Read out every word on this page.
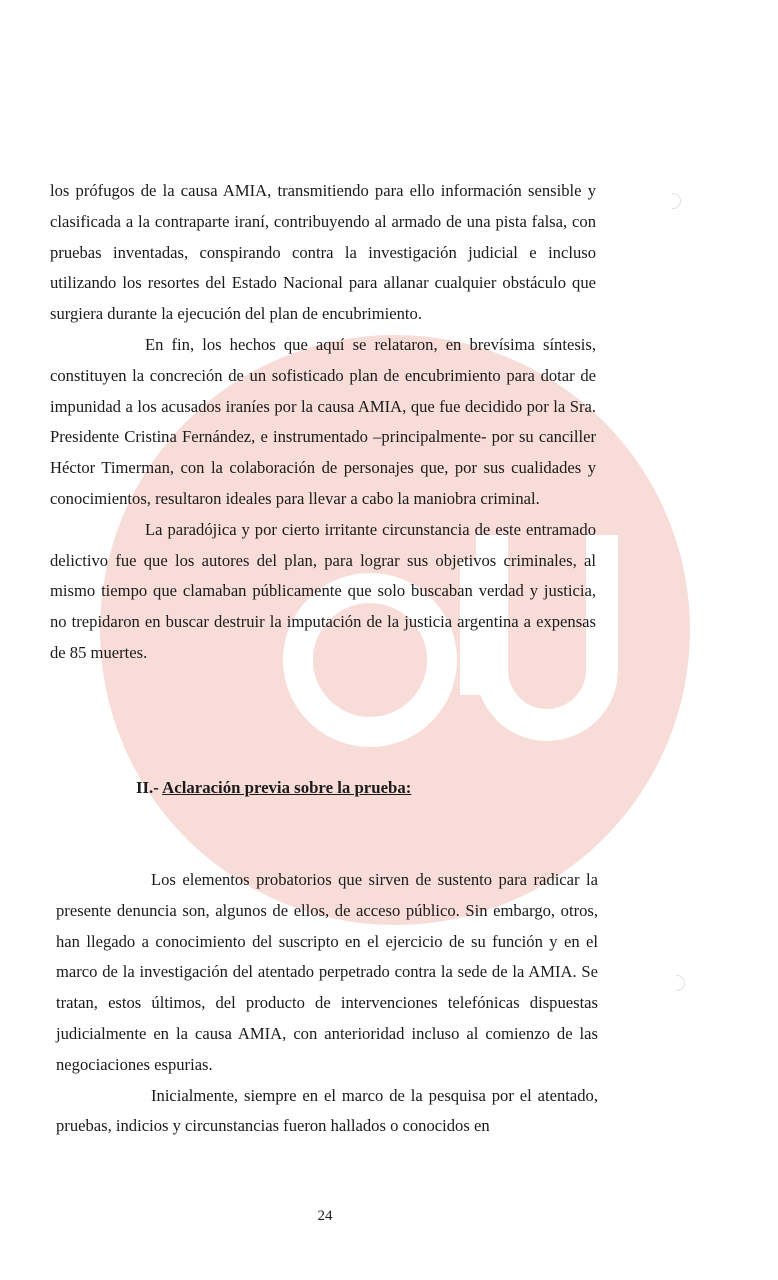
los prófugos de la causa AMIA, transmitiendo para ello información sensible y clasificada a la contraparte iraní, contribuyendo al armado de una pista falsa, con pruebas inventadas, conspirando contra la investigación judicial e incluso utilizando los resortes del Estado Nacional para allanar cualquier obstáculo que surgiera durante la ejecución del plan de encubrimiento.

En fin, los hechos que aquí se relataron, en brevísima síntesis, constituyen la concreción de un sofisticado plan de encubrimiento para dotar de impunidad a los acusados iraníes por la causa AMIA, que fue decidido por la Sra. Presidente Cristina Fernández, e instrumentado –principalmente- por su canciller Héctor Timerman, con la colaboración de personajes que, por sus cualidades y conocimientos, resultaron ideales para llevar a cabo la maniobra criminal.

La paradójica y por cierto irritante circunstancia de este entramado delictivo fue que los autores del plan, para lograr sus objetivos criminales, al mismo tiempo que clamaban públicamente que solo buscaban verdad y justicia, no trepidaron en buscar destruir la imputación de la justicia argentina a expensas de 85 muertes.

II.- Aclaración previa sobre la prueba:

Los elementos probatorios que sirven de sustento para radicar la presente denuncia son, algunos de ellos, de acceso público. Sin embargo, otros, han llegado a conocimiento del suscripto en el ejercicio de su función y en el marco de la investigación del atentado perpetrado contra la sede de la AMIA. Se tratan, estos últimos, del producto de intervenciones telefónicas dispuestas judicialmente en la causa AMIA, con anterioridad incluso al comienzo de las negociaciones espurias.

Inicialmente, siempre en el marco de la pesquisa por el atentado, pruebas, indicios y circunstancias fueron hallados o conocidos en

24
